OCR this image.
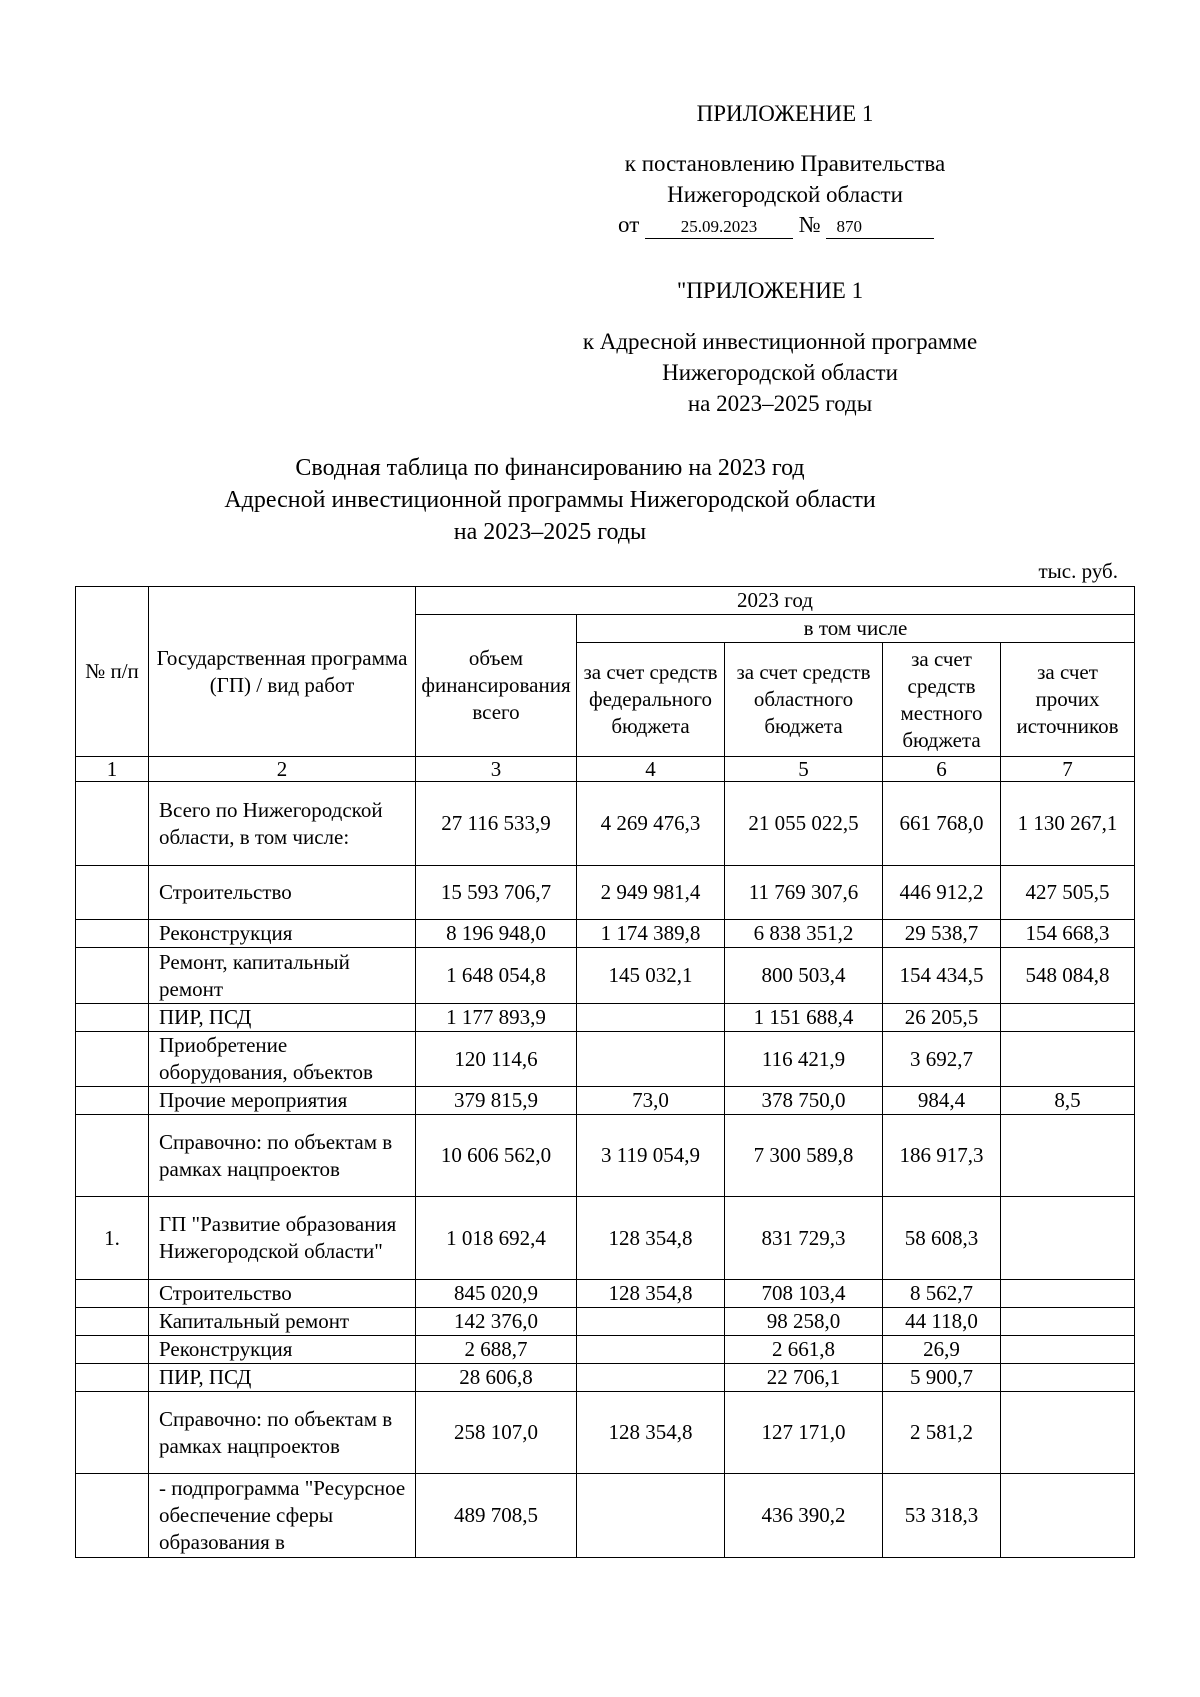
ПРИЛОЖЕНИЕ 1
к постановлению Правительства
Нижегородской области
от 25.09.2023 № 870
"ПРИЛОЖЕНИЕ 1
к Адресной инвестиционной программе
Нижегородской области
на 2023–2025 годы
Сводная таблица по финансированию на 2023 год
Адресной инвестиционной программы Нижегородской области
на 2023–2025 годы
тыс. руб.
№ п/п	Государственная программа (ГП) / вид работ	2023 год				
		объем финансирования всего	в том числе			
			за счет средств федерального бюджета	за счет средств областного бюджета	за счет средств местного бюджета	за счет прочих источников
1	2	3	4	5	6	7
	Всего по Нижегородской области, в том числе:	27 116 533,9	4 269 476,3	21 055 022,5	661 768,0	1 130 267,1
	Строительство	15 593 706,7	2 949 981,4	11 769 307,6	446 912,2	427 505,5
	Реконструкция	8 196 948,0	1 174 389,8	6 838 351,2	29 538,7	154 668,3
	Ремонт, капитальный ремонт	1 648 054,8	145 032,1	800 503,4	154 434,5	548 084,8
	ПИР, ПСД	1 177 893,9		1 151 688,4	26 205,5	
	Приобретение оборудования, объектов	120 114,6		116 421,9	3 692,7	
	Прочие мероприятия	379 815,9	73,0	378 750,0	984,4	8,5
	Справочно: по объектам в рамках нацпроектов	10 606 562,0	3 119 054,9	7 300 589,8	186 917,3	
1.	ГП "Развитие образования Нижегородской области"	1 018 692,4	128 354,8	831 729,3	58 608,3	
	Строительство	845 020,9	128 354,8	708 103,4	8 562,7	
	Капитальный ремонт	142 376,0		98 258,0	44 118,0	
	Реконструкция	2 688,7		2 661,8	26,9	
	ПИР, ПСД	28 606,8		22 706,1	5 900,7	
	Справочно: по объектам в рамках нацпроектов	258 107,0	128 354,8	127 171,0	2 581,2	
	- подпрограмма "Ресурсное обеспечение сферы образования в	489 708,5		436 390,2	53 318,3	
